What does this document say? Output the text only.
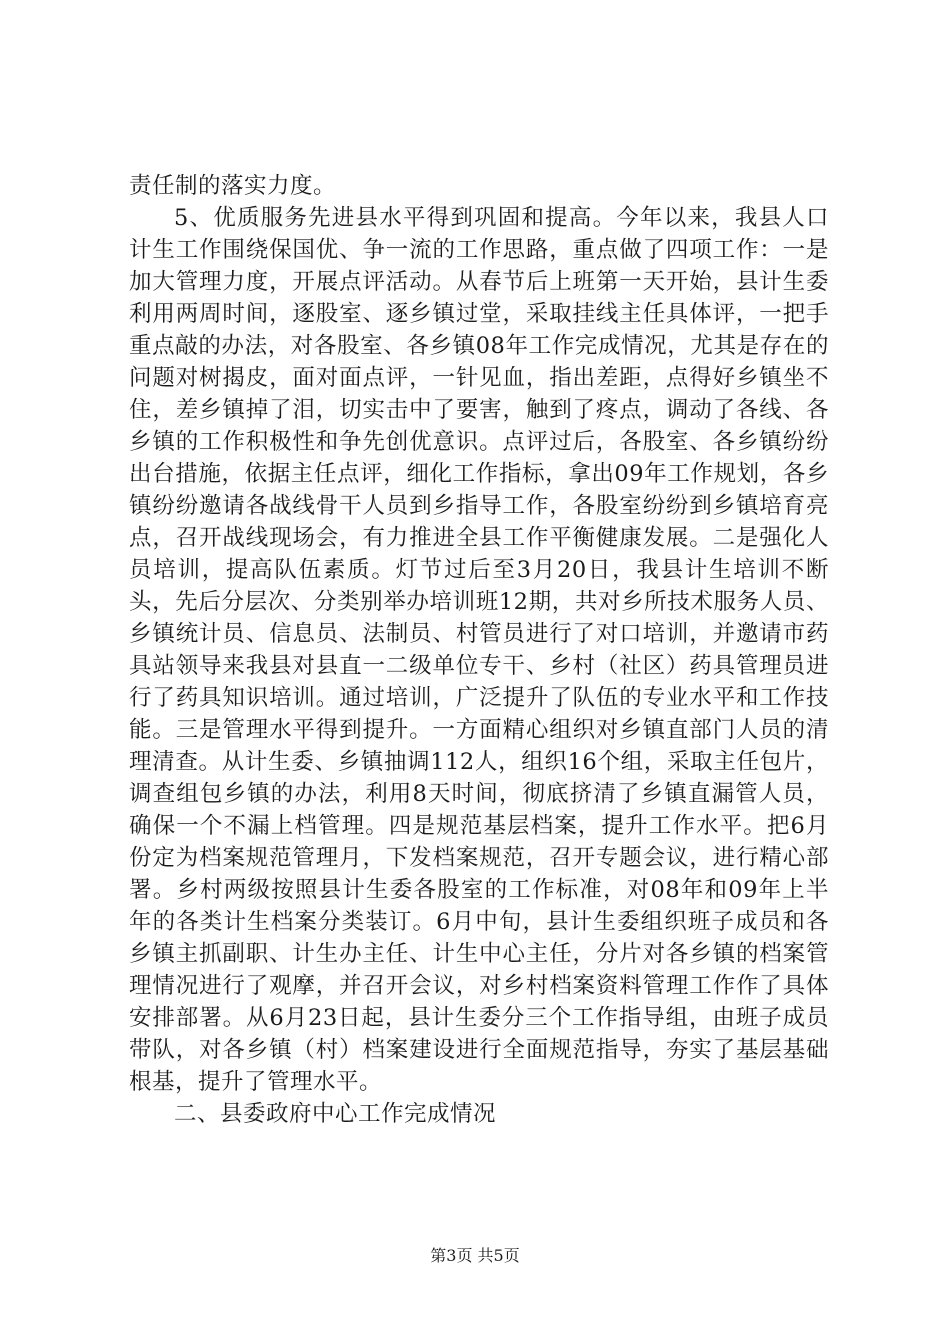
责任制的落实力度。

5、优质服务先进县水平得到巩固和提高。今年以来，我县人口计生工作围绕保国优、争一流的工作思路，重点做了四项工作：一是加大管理力度，开展点评活动。从春节后上班第一天开始，县计生委利用两周时间，逐股室、逐乡镇过堂，采取挂线主任具体评，一把手重点敲的办法，对各股室、各乡镇08年工作完成情况，尤其是存在的问题对树揭皮，面对面点评，一针见血，指出差距，点得好乡镇坐不住，差乡镇掉了泪，切实击中了要害，触到了疼点，调动了各线、各乡镇的工作积极性和争先创优意识。点评过后，各股室、各乡镇纷纷出台措施，依据主任点评，细化工作指标，拿出09年工作规划，各乡镇纷纷邀请各战线骨干人员到乡指导工作，各股室纷纷到乡镇培育亮点，召开战线现场会，有力推进全县工作平衡健康发展。二是强化人员培训，提高队伍素质。灯节过后至3月20日，我县计生培训不断头，先后分层次、分类别举办培训班12期，共对乡所技术服务人员、乡镇统计员、信息员、法制员、村管员进行了对口培训，并邀请市药具站领导来我县对县直一二级单位专干、乡村（社区）药具管理员进行了药具知识培训。通过培训，广泛提升了队伍的专业水平和工作技能。三是管理水平得到提升。一方面精心组织对乡镇直部门人员的清理清查。从计生委、乡镇抽调112人，组织16个组，采取主任包片，调查组包乡镇的办法，利用8天时间，彻底挤清了乡镇直漏管人员，确保一个不漏上档管理。四是规范基层档案，提升工作水平。把6月份定为档案规范管理月，下发档案规范，召开专题会议，进行精心部署。乡村两级按照县计生委各股室的工作标准，对08年和09年上半年的各类计生档案分类装订。6月中旬，县计生委组织班子成员和各乡镇主抓副职、计生办主任、计生中心主任，分片对各乡镇的档案管理情况进行了观摩，并召开会议，对乡村档案资料管理工作作了具体安排部署。从6月23日起，县计生委分三个工作指导组，由班子成员带队，对各乡镇（村）档案建设进行全面规范指导，夯实了基层基础根基，提升了管理水平。

二、县委政府中心工作完成情况

第3页 共5页
